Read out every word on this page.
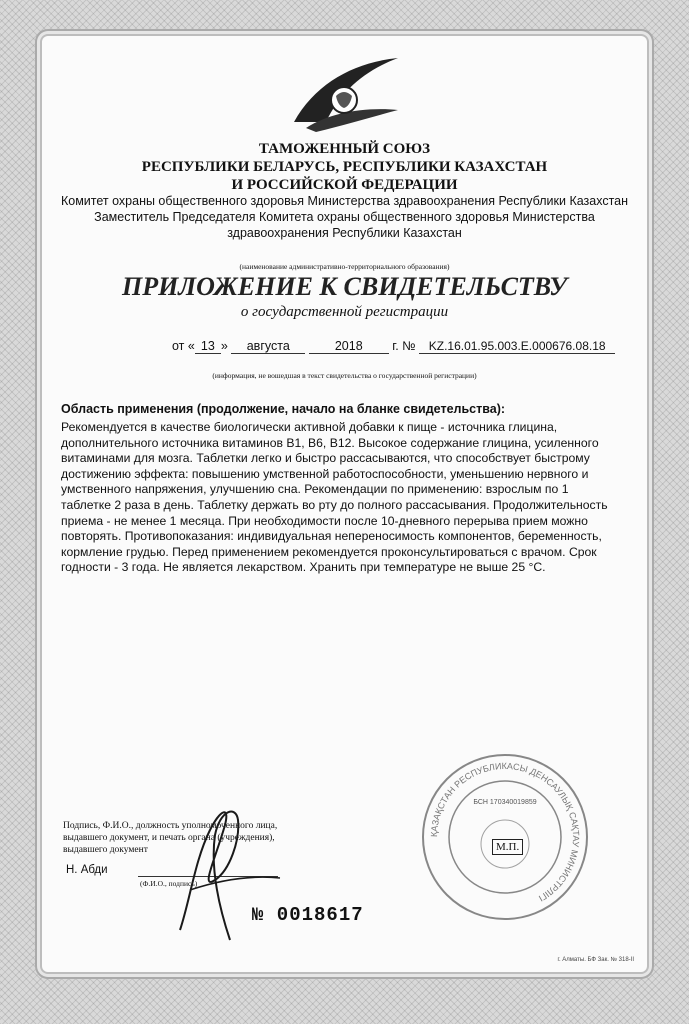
ТАМОЖЕННЫЙ СОЮЗ
РЕСПУБЛИКИ БЕЛАРУСЬ, РЕСПУБЛИКИ КАЗАХСТАН
И РОССИЙСКОЙ ФЕДЕРАЦИИ
Комитет охраны общественного здоровья Министерства здравоохранения Республики Казахстан
Заместитель Председателя Комитета охраны общественного здоровья Министерства
здравоохранения Республики Казахстан
(наименование административно-территориального образования)
ПРИЛОЖЕНИЕ К СВИДЕТЕЛЬСТВУ
о государственной регистрации
от « 13 » августа	2018 г. № KZ.16.01.95.003.E.000676.08.18
(информация, не вошедшая в текст свидетельства о государственной регистрации)
Область применения (продолжение, начало на бланке свидетельства):
Рекомендуется в качестве биологически активной добавки к пище - источника глицина,
дополнительного источника витаминов В1, В6, В12. Высокое содержание глицина, усиленного
витаминами для мозга. Таблетки легко и быстро рассасываются, что способствует быстрому
достижению эффекта: повышению умственной работоспособности, уменьшению нервного и
умственного напряжения, улучшению сна. Рекомендации по применению: взрослым по 1
таблетке 2 раза в день. Таблетку держать во рту до полного рассасывания. Продолжительность
приема - не менее 1 месяца. При необходимости после 10-дневного перерыва прием можно
повторять. Противопоказания: индивидуальная непереносимость компонентов, беременность,
кормление грудью. Перед применением рекомендуется проконсультироваться с врачом. Срок
годности - 3 года. Не является лекарством. Хранить при температуре не выше 25 °С.
Подпись, Ф.И.О., должность уполномоченного лица,
выдавшего документ, и печать органа (учреждения),
выдавшего документ
Н. Абди
(Ф.И.О., подпись)
№ 0018617
ҚАЗАҚСТАН РЕСПУБЛИКАСЫ ДЕНСАУЛЫҚ САҚТАУ МИНИСТРЛІГІ
БСН 170340019859
М.П.
г. Алматы. БФ Зак. № 318-II
